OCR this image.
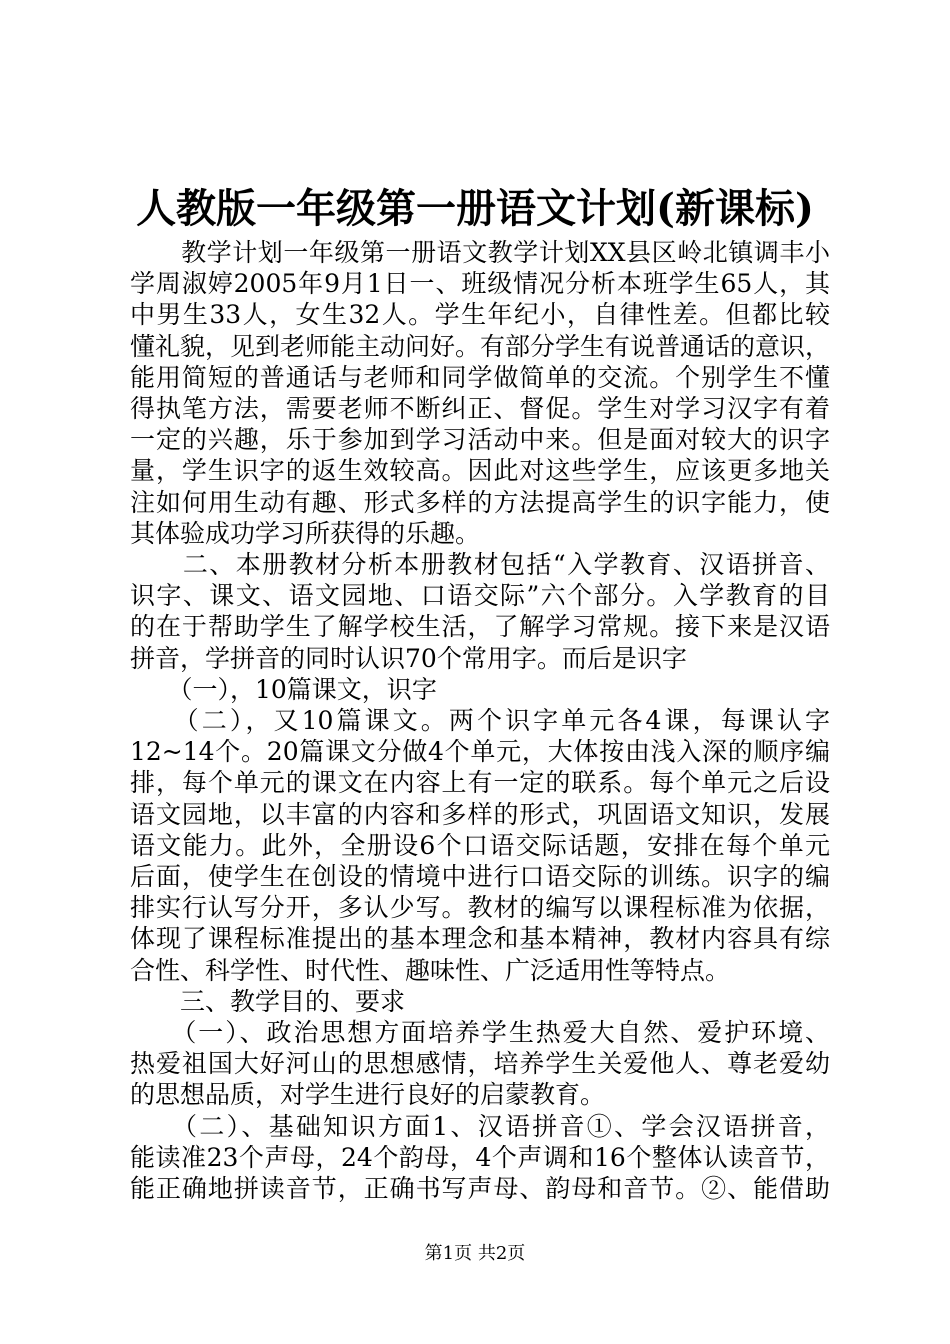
人教版一年级第一册语文计划(新课标)
　　教学计划一年级第一册语文教学计划XX县区岭北镇调丰小
学周淑婷2005年9月1日一、班级情况分析本班学生65人，其
中男生33人，女生32人。学生年纪小，自律性差。但都比较
懂礼貌，见到老师能主动问好。有部分学生有说普通话的意识，
能用简短的普通话与老师和同学做简单的交流。个别学生不懂
得执笔方法，需要老师不断纠正、督促。学生对学习汉字有着
一定的兴趣，乐于参加到学习活动中来。但是面对较大的识字
量，学生识字的返生效较高。因此对这些学生，应该更多地关
注如何用生动有趣、形式多样的方法提高学生的识字能力，使
其体验成功学习所获得的乐趣。
　　二、本册教材分析本册教材包括“入学教育、汉语拼音、
识字、课文、语文园地、口语交际”六个部分。入学教育的目
的在于帮助学生了解学校生活，了解学习常规。接下来是汉语
拼音，学拼音的同时认识70个常用字。而后是识字
　　（一），10篇课文，识字
　　（二），又10篇课文。两个识字单元各4课，每课认字
12~14个。20篇课文分做4个单元，大体按由浅入深的顺序编
排，每个单元的课文在内容上有一定的联系。每个单元之后设
语文园地，以丰富的内容和多样的形式，巩固语文知识，发展
语文能力。此外，全册设6个口语交际话题，安排在每个单元
后面，使学生在创设的情境中进行口语交际的训练。识字的编
排实行认写分开，多认少写。教材的编写以课程标准为依据，
体现了课程标准提出的基本理念和基本精神，教材内容具有综
合性、科学性、时代性、趣味性、广泛适用性等特点。
　　三、教学目的、要求
　　（一）、政治思想方面培养学生热爱大自然、爱护环境、
热爱祖国大好河山的思想感情，培养学生关爱他人、尊老爱幼
的思想品质，对学生进行良好的启蒙教育。
　　（二）、基础知识方面1、汉语拼音①、学会汉语拼音，
能读准23个声母，24个韵母，4个声调和16个整体认读音节，
能正确地拼读音节，正确书写声母、韵母和音节。②、能借助
第1页 共2页
